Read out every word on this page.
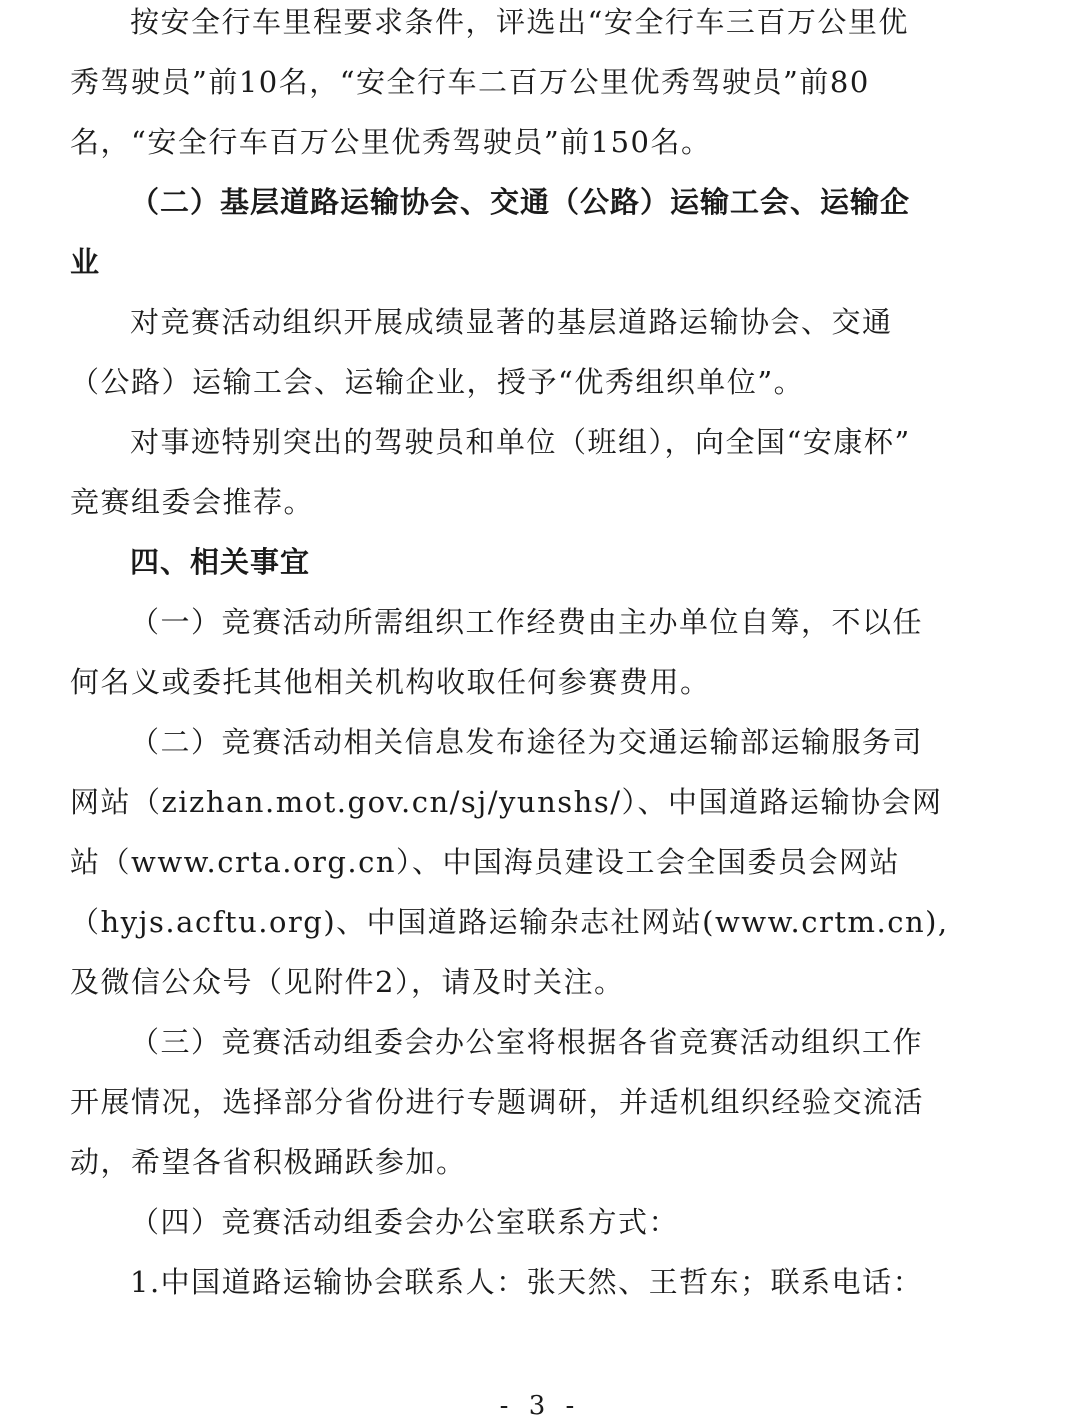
按安全行车里程要求条件，评选出“安全行车三百万公里优
秀驾驶员”前10名，“安全行车二百万公里优秀驾驶员”前80
名，“安全行车百万公里优秀驾驶员”前150名。
（二）基层道路运输协会、交通（公路）运输工会、运输企
业
对竞赛活动组织开展成绩显著的基层道路运输协会、交通
（公路）运输工会、运输企业，授予“优秀组织单位”。
对事迹特别突出的驾驶员和单位（班组），向全国“安康杯”
竞赛组委会推荐。
四、相关事宜
（一）竞赛活动所需组织工作经费由主办单位自筹，不以任
何名义或委托其他相关机构收取任何参赛费用。
（二）竞赛活动相关信息发布途径为交通运输部运输服务司
网站（zizhan.mot.gov.cn/sj/yunshs/）、中国道路运输协会网
站（www.crta.org.cn）、中国海员建设工会全国委员会网站
（hyjs.acftu.org)、中国道路运输杂志社网站(www.crtm.cn),
及微信公众号（见附件2），请及时关注。
（三）竞赛活动组委会办公室将根据各省竞赛活动组织工作
开展情况，选择部分省份进行专题调研，并适机组织经验交流活
动，希望各省积极踊跃参加。
（四）竞赛活动组委会办公室联系方式：
1.中国道路运输协会联系人：张天然、王哲东；联系电话：
- 3 -
